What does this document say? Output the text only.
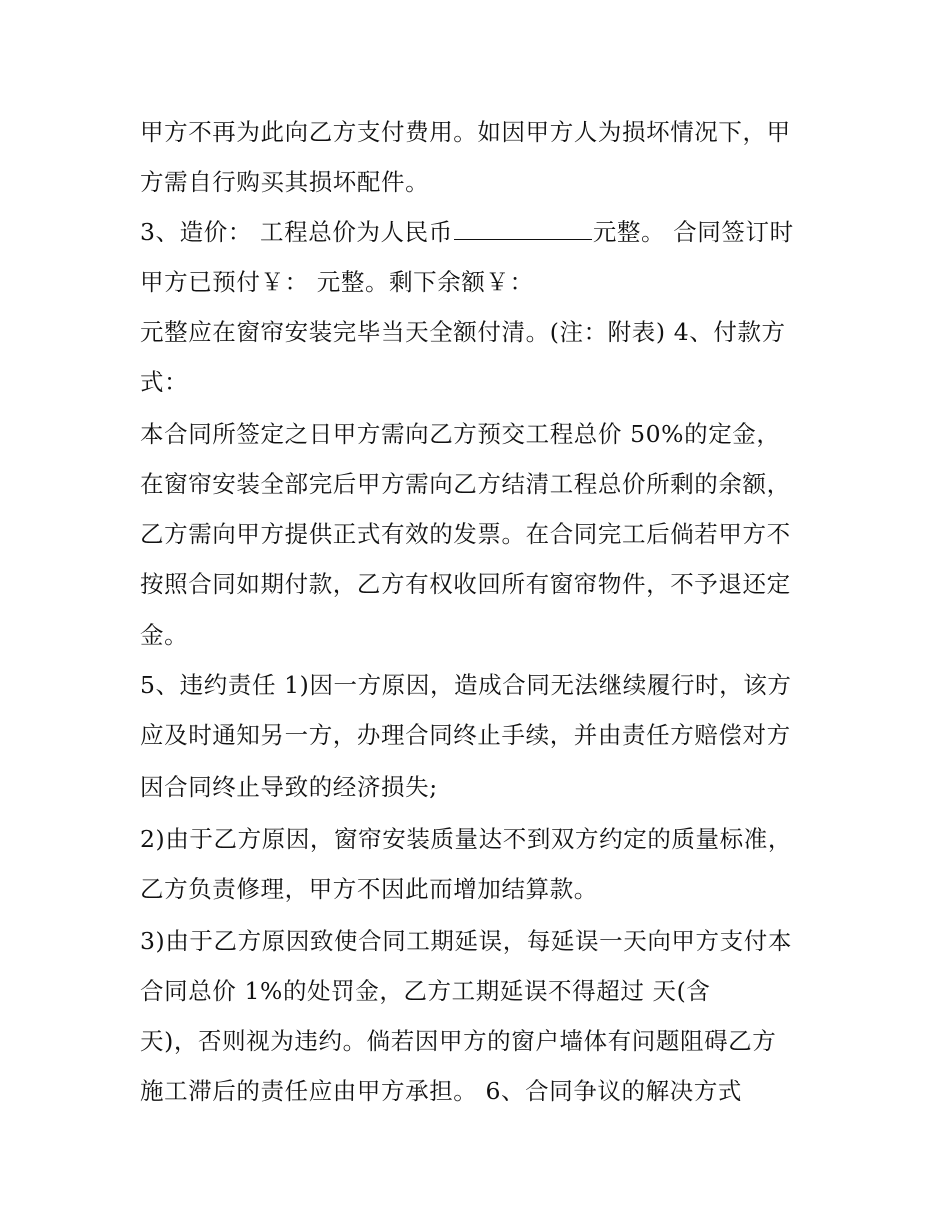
甲方不再为此向乙方支付费用。如因甲方人为损坏情况下，甲
方需自行购买其损坏配件。
3、造价： 工程总价为人民币	元整。 合同签订时
甲方已预付￥： 元整。剩下余额￥：
元整应在窗帘安装完毕当天全额付清。(注：附表) 4、付款方
式：
本合同所签定之日甲方需向乙方预交工程总价 50%的定金，
在窗帘安装全部完后甲方需向乙方结清工程总价所剩的余额，
乙方需向甲方提供正式有效的发票。在合同完工后倘若甲方不
按照合同如期付款，乙方有权收回所有窗帘物件，不予退还定
金。
5、违约责任 1)因一方原因，造成合同无法继续履行时，该方
应及时通知另一方，办理合同终止手续，并由责任方赔偿对方
因合同终止导致的经济损失;
2)由于乙方原因，窗帘安装质量达不到双方约定的质量标准，
乙方负责修理，甲方不因此而增加结算款。
3)由于乙方原因致使合同工期延误，每延误一天向甲方支付本
合同总价 1%的处罚金，乙方工期延误不得超过 天(含
天)，否则视为违约。倘若因甲方的窗户墙体有问题阻碍乙方
施工滞后的责任应由甲方承担。 6、合同争议的解决方式
